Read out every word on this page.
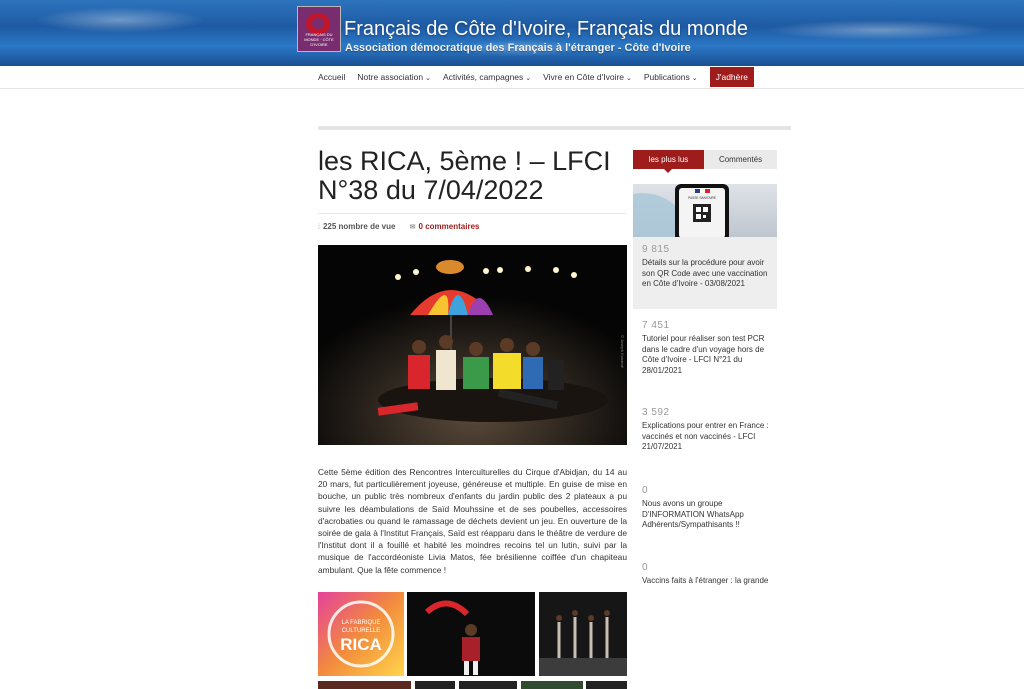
FRANÇAIS DU MONDE · CÔTE D'IVOIRE
Français de Côte d'Ivoire, Français du monde
Association démocratique des Français à l'étranger - Côte d'Ivoire
Accueil Notre association ⌄ Activités, campagnes ⌄ Vivre en Côte d'Ivoire ⌄ Publications ⌄	J'adhère
les RICA, 5ème ! – LFCI N°38 du 7/04/2022
⁞ 225 nombre de vue ✉ 0 commentaires
© Joseph Kouamé

Cette 5ème édition des Rencontres Interculturelles du Cirque d'Abidjan, du 14 au 20 mars, fut particulièrement joyeuse, généreuse et multiple. En guise de mise en bouche, un public très nombreux d'enfants du jardin public des 2 plateaux a pu suivre les déambulations de Saïd Mouhssine et de ses poubelles, accessoires d'acrobaties ou quand le ramassage de déchets devient un jeu. En ouverture de la soirée de gala à l'Institut Français, Saïd est réapparu dans le théâtre de verdure de l'Institut dont il a fouillé et habité les moindres recoins tel un lutin, suivi par la musique de l'accordéoniste Livia Matos, fée brésilienne coiffée d'un chapiteau ambulant. Que la fête commence !

LA FABRIQUE
CULTURELLE
RICA
les plus lus	Commentés
PASSE SANITAIRE
9 815
Détails sur la procédure pour avoir son QR Code avec une vaccination en Côte d'Ivoire - 03/08/2021
7 451
Tutoriel pour réaliser son test PCR dans le cadre d'un voyage hors de Côte d'Ivoire - LFCI N°21 du 28/01/2021
3 592
Explications pour entrer en France : vaccinés et non vaccinés - LFCI 21/07/2021
0
Nous avons un groupe D'INFORMATION WhatsApp Adhérents/Sympathisants !!
0
Vaccins faits à l'étranger : la grande
